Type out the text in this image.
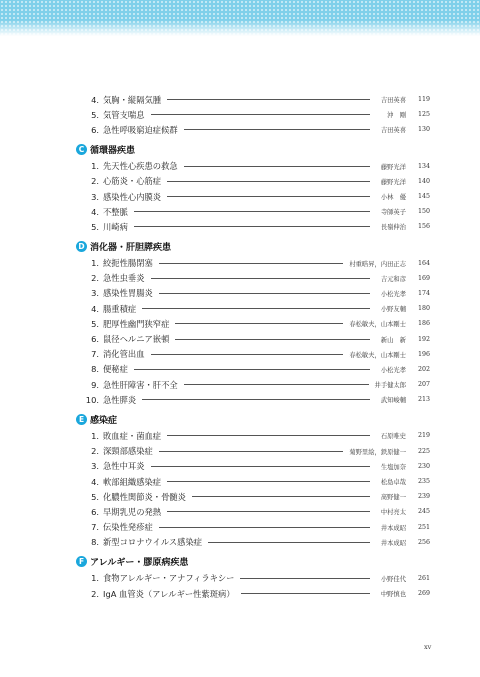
4. 気胸・縦隔気腫	吉田英喜	119
5. 気管支喘息	沖　剛	125
6. 急性呼吸窮迫症候群	吉田英喜	130
C 循環器疾患
1. 先天性心疾患の救急	藤野光洋	134
2. 心筋炎・心筋症	藤野光洋	140
3. 感染性心内膜炎	小林　優	145
4. 不整脈	寺師英子	150
5. 川崎病	長嶺伸治	156
D 消化器・肝胆膵疾患
1. 絞扼性腸閉塞	村重晧昇，内田正志	164
2. 急性虫垂炎	吉元和彦	169
3. 感染性胃腸炎	小松光孝	174
4. 腸重積症	小野友輔	180
5. 肥厚性幽門狭窄症	春松敏夫，山本剛士	186
6. 鼠径ヘルニア嵌頓	新山　新	192
7. 消化管出血	春松敏夫，山本剛士	196
8. 便秘症	小松光孝	202
9. 急性肝障害・肝不全	井手健太郎	207
10. 急性膵炎	武知峻輔	213
E 感染症
1. 敗血症・菌血症	石原唯史	219
2. 深頸部感染症	菊野里絵，鉄原健一	225
3. 急性中耳炎	生塩加奈	230
4. 軟部組織感染症	松島卓哉	235
5. 化膿性関節炎・骨髄炎	髙野健一	239
6. 早期乳児の発熱	中村亮太	245
7. 伝染性発疹症	井本成昭	251
8. 新型コロナウイルス感染症	井本成昭	256
F アレルギー・膠原病疾患
1. 食物アレルギー・アナフィラキシー	小野佳代	261
2. IgA 血管炎（アレルギー性紫斑病）	中野慎也	269
xv
